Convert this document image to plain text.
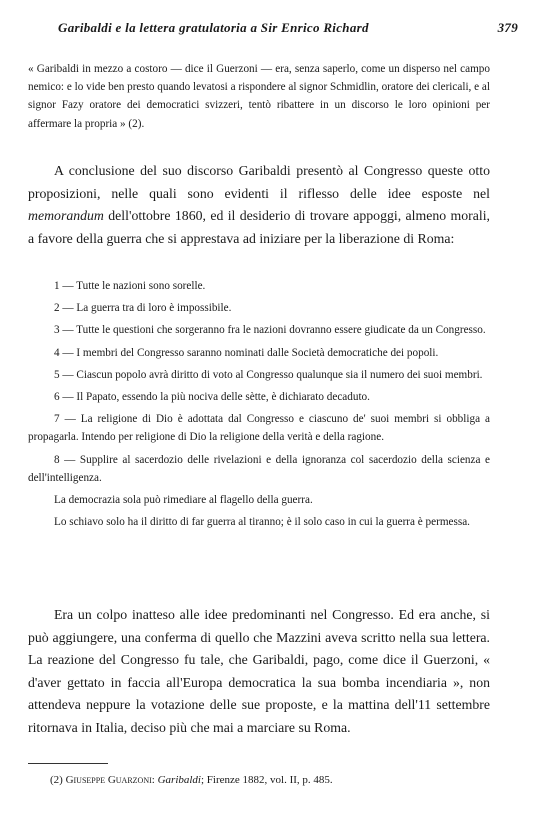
Garibaldi e la lettera gratulatoria a Sir Enrico Richard	379
« Garibaldi in mezzo a costoro — dice il Guerzoni — era, senza saperlo, come un disperso nel campo nemico: e lo vide ben presto quando levatosi a rispondere al signor Schmidlin, oratore dei clericali, e al signor Fazy oratore dei democratici svizzeri, tentò ribattere in un discorso le loro opinioni per affermare la propria » (2).

A conclusione del suo discorso Garibaldi presentò al Congresso queste otto proposizioni, nelle quali sono evidenti il riflesso delle idee esposte nel memorandum dell'ottobre 1860, ed il desiderio di trovare appoggi, almeno morali, a favore della guerra che si apprestava ad iniziare per la liberazione di Roma:

1 — Tutte le nazioni sono sorelle.

2 — La guerra tra di loro è impossibile.

3 — Tutte le questioni che sorgeranno fra le nazioni dovranno essere giudicate da un Congresso.

4 — I membri del Congresso saranno nominati dalle Società democratiche dei popoli.

5 — Ciascun popolo avrà diritto di voto al Congresso qualunque sia il numero dei suoi membri.

6 — Il Papato, essendo la più nociva delle sètte, è dichiarato decaduto.

7 — La religione di Dio è adottata dal Congresso e ciascuno de' suoi membri si obbliga a propagarla. Intendo per religione di Dio la religione della verità e della ragione.

8 — Supplire al sacerdozio delle rivelazioni e della ignoranza col sacerdozio della scienza e dell'intelligenza.

La democrazia sola può rimediare al flagello della guerra.

Lo schiavo solo ha il diritto di far guerra al tiranno; è il solo caso in cui la guerra è permessa.

Era un colpo inatteso alle idee predominanti nel Congresso. Ed era anche, si può aggiungere, una conferma di quello che Mazzini aveva scritto nella sua lettera. La reazione del Congresso fu tale, che Garibaldi, pago, come dice il Guerzoni, « d'aver gettato in faccia all'Europa democratica la sua bomba incendiaria », non attendeva neppure la votazione delle sue proposte, e la mattina dell'11 settembre ritornava in Italia, deciso più che mai a marciare su Roma.

(2) Giuseppe Guarzoni: Garibaldi; Firenze 1882, vol. II, p. 485.
